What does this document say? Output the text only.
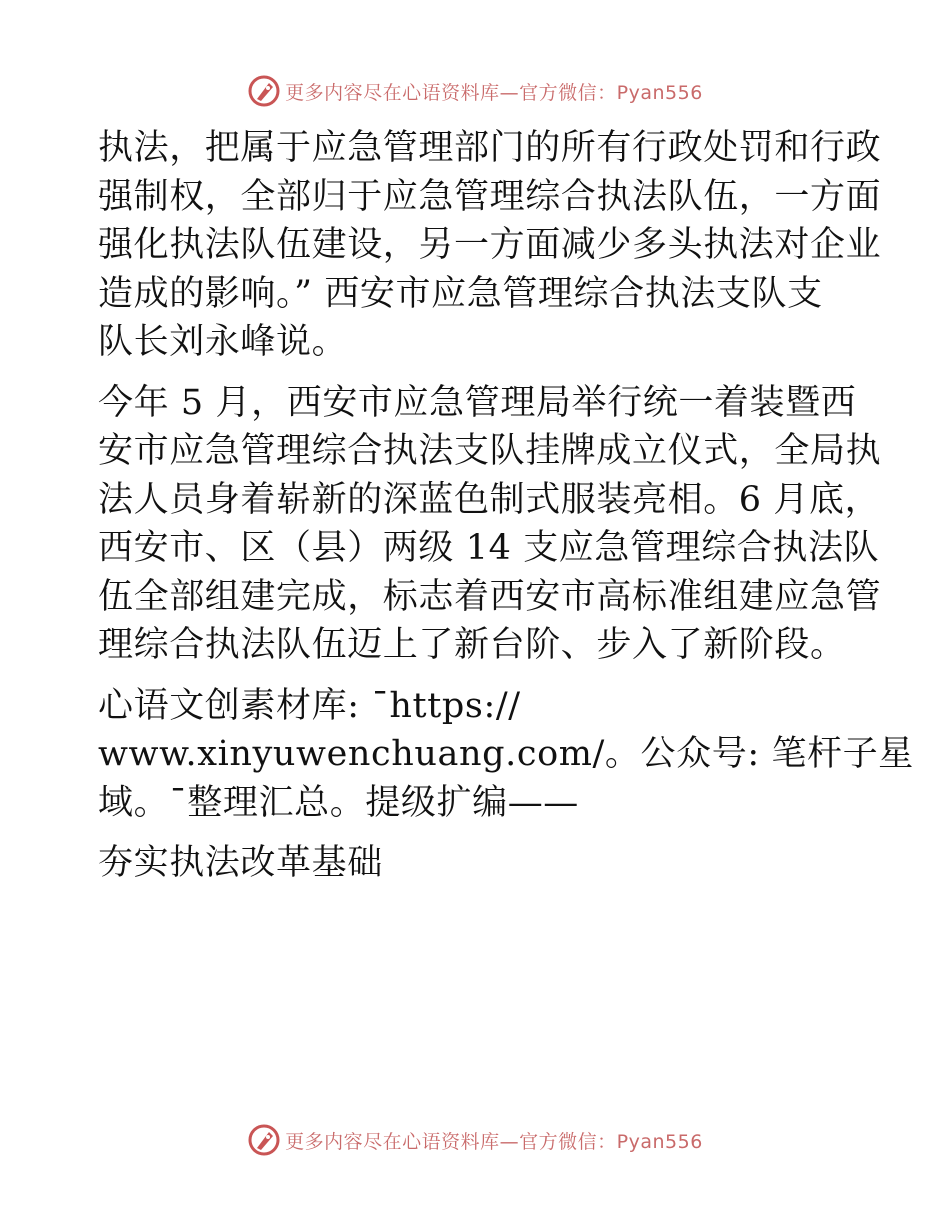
更多内容尽在心语资料库—官方微信：Pyan556

执法，把属于应急管理部门的所有行政处罚和行政
强制权，全部归于应急管理综合执法队伍，一方面
强化执法队伍建设，另一方面减少多头执法对企业
造成的影响。” 西安市应急管理综合执法支队支
队长刘永峰说。

今年 5 月，西安市应急管理局举行统一着装暨西
安市应急管理综合执法支队挂牌成立仪式，全局执
法人员身着崭新的深蓝色制式服装亮相。6 月底，
西安市、区（县）两级 14 支应急管理综合执法队
伍全部组建完成，标志着西安市高标准组建应急管
理综合执法队伍迈上了新台阶、步入了新阶段。

心语文创素材库: ¯https://
www.xinyuwenchuang.com/。公众号: 笔杆子星
域。¯整理汇总。提级扩编——

夯实执法改革基础

更多内容尽在心语资料库—官方微信：Pyan556
